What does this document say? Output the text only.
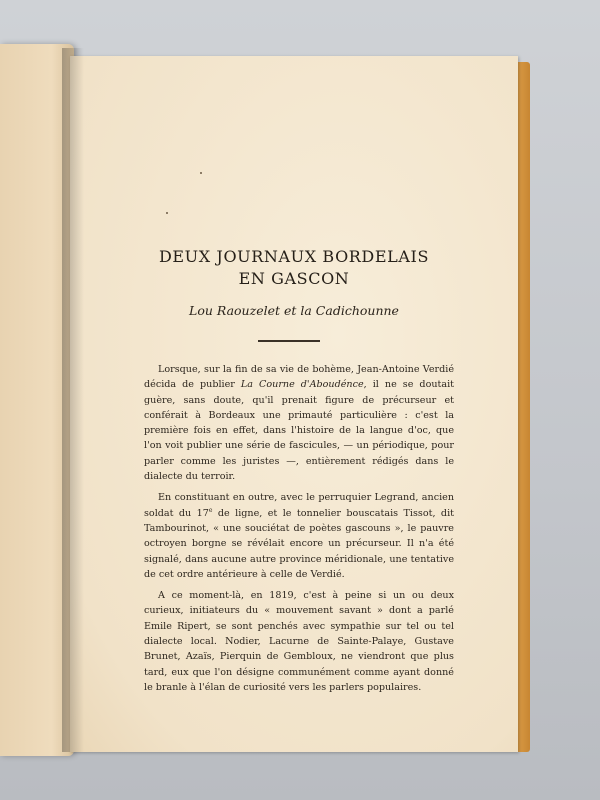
DEUX JOURNAUX BORDELAIS
EN GASCON
Lou Raouzelet et la Cadichounne

Lorsque, sur la fin de sa vie de bohème, Jean-Antoine Verdié décida de publier La Courne d'Aboudénce, il ne se doutait guère, sans doute, qu'il prenait figure de précurseur et conférait à Bordeaux une primauté particulière : c'est la première fois en effet, dans l'histoire de la langue d'oc, que l'on voit publier une série de fascicules, — un périodique, pour parler comme les juristes —, entièrement rédigés dans le dialecte du terroir.

En constituant en outre, avec le perruquier Legrand, ancien soldat du 17e de ligne, et le tonnelier bouscatais Tissot, dit Tambourinot, « une souciétat de poètes gascouns », le pauvre octroyen borgne se révélait encore un précurseur. Il n'a été signalé, dans aucune autre province méridionale, une tentative de cet ordre antérieure à celle de Verdié.

A ce moment-là, en 1819, c'est à peine si un ou deux curieux, initiateurs du « mouvement savant » dont a parlé Emile Ripert, se sont penchés avec sympathie sur tel ou tel dialecte local. Nodier, Lacurne de Sainte-Palaye, Gustave Brunet, Azaïs, Pierquin de Gembloux, ne viendront que plus tard, eux que l'on désigne communément comme ayant donné le branle à l'élan de curiosité vers les parlers populaires.
